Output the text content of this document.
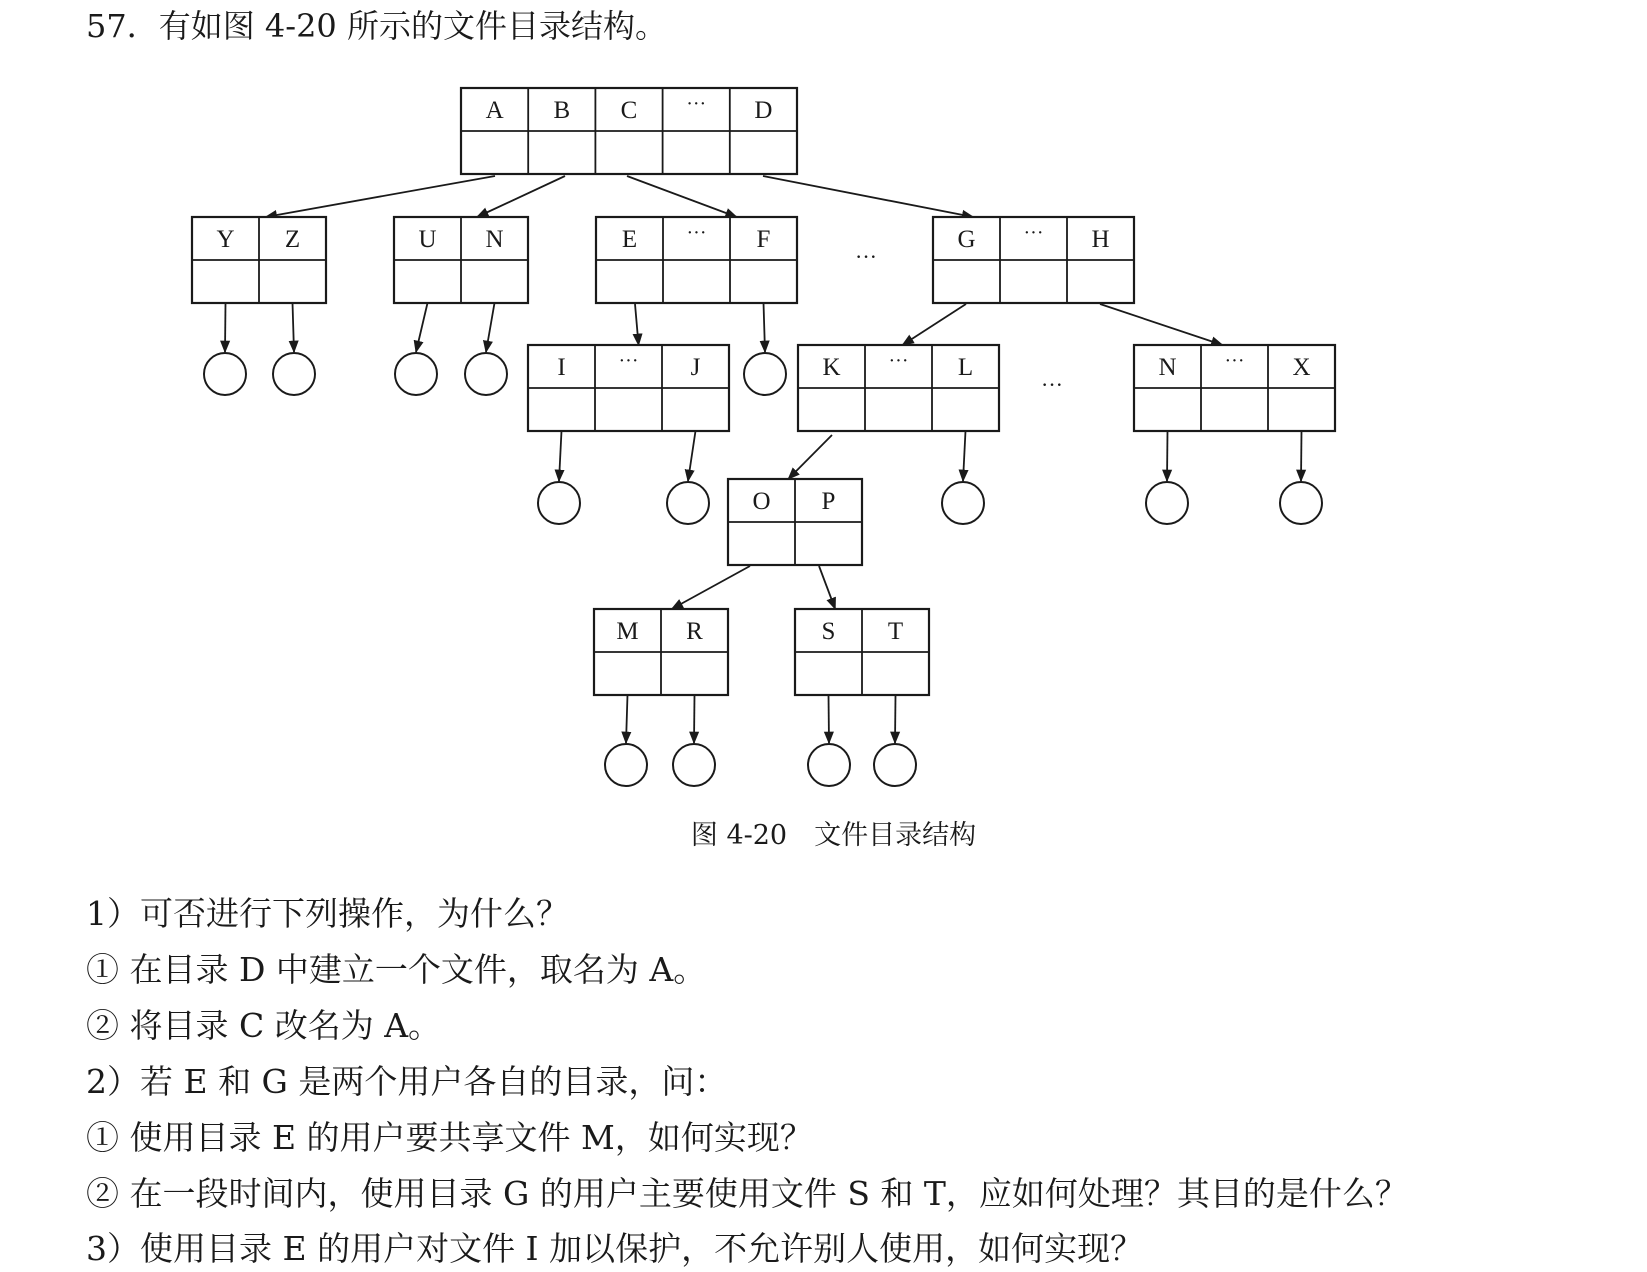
57．有如图 4-20 所示的文件目录结构。
A B C ··· D
Y Z	U N	E ··· F	G ··· H
I	··· J	K ··· L	N ··· X
O P
M R	S T
···
···
图 4-20　文件目录结构
1）可否进行下列操作，为什么？
① 在目录 D 中建立一个文件，取名为 A。
② 将目录 C 改名为 A。
2）若 E 和 G 是两个用户各自的目录，问：
① 使用目录 E 的用户要共享文件 M，如何实现？
② 在一段时间内，使用目录 G 的用户主要使用文件 S 和 T，应如何处理？其目的是什么？
3）使用目录 E 的用户对文件 I 加以保护，不允许别人使用，如何实现？
